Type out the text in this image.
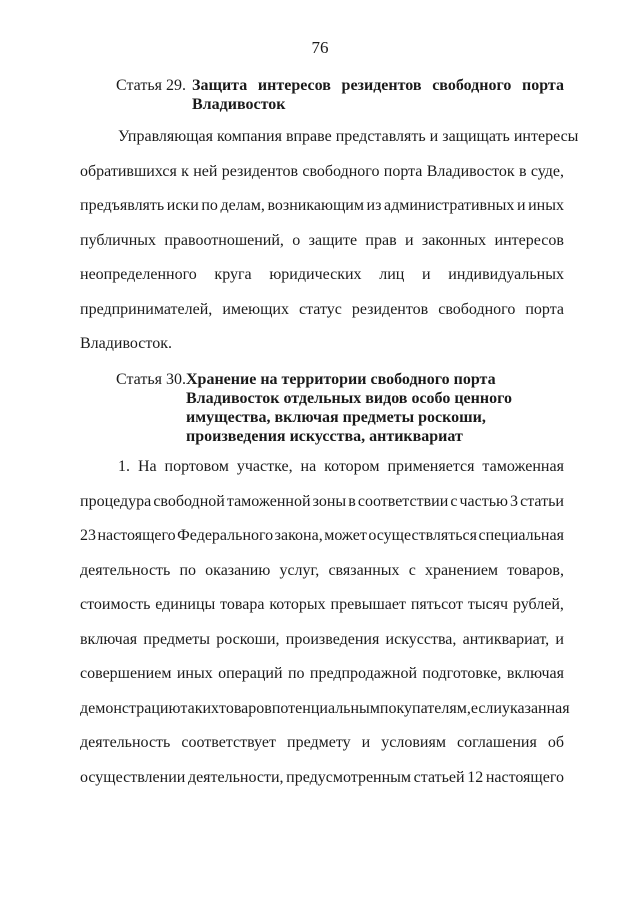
76
Статья 29. Защита интересов резидентов свободного порта
Владивосток
Управляющая компания вправе представлять и защищать интересы
обратившихся к ней резидентов свободного порта Владивосток в суде,
предъявлять иски по делам, возникающим из административных и иных
публичных правоотношений, о защите прав и законных интересов
неопределенного круга юридических лиц и индивидуальных
предпринимателей, имеющих статус резидентов свободного порта
Владивосток.
Статья 30.Хранение на территории свободного порта
Владивосток отдельных видов особо ценного
имущества, включая предметы роскоши,
произведения искусства, антиквариат
1. На портовом участке, на котором применяется таможенная
процедура свободной таможенной зоны в соответствии с частью 3 статьи
23 настоящего Федерального закона, может осуществляться специальная
деятельность по оказанию услуг, связанных с хранением товаров,
стоимость единицы товара которых превышает пятьсот тысяч рублей,
включая предметы роскоши, произведения искусства, антиквариат, и
совершением иных операций по предпродажной подготовке, включая
демонстрацию таких товаров потенциальным покупателям, если указанная
деятельность соответствует предмету и условиям соглашения об
осуществлении деятельности, предусмотренным статьей 12 настоящего
